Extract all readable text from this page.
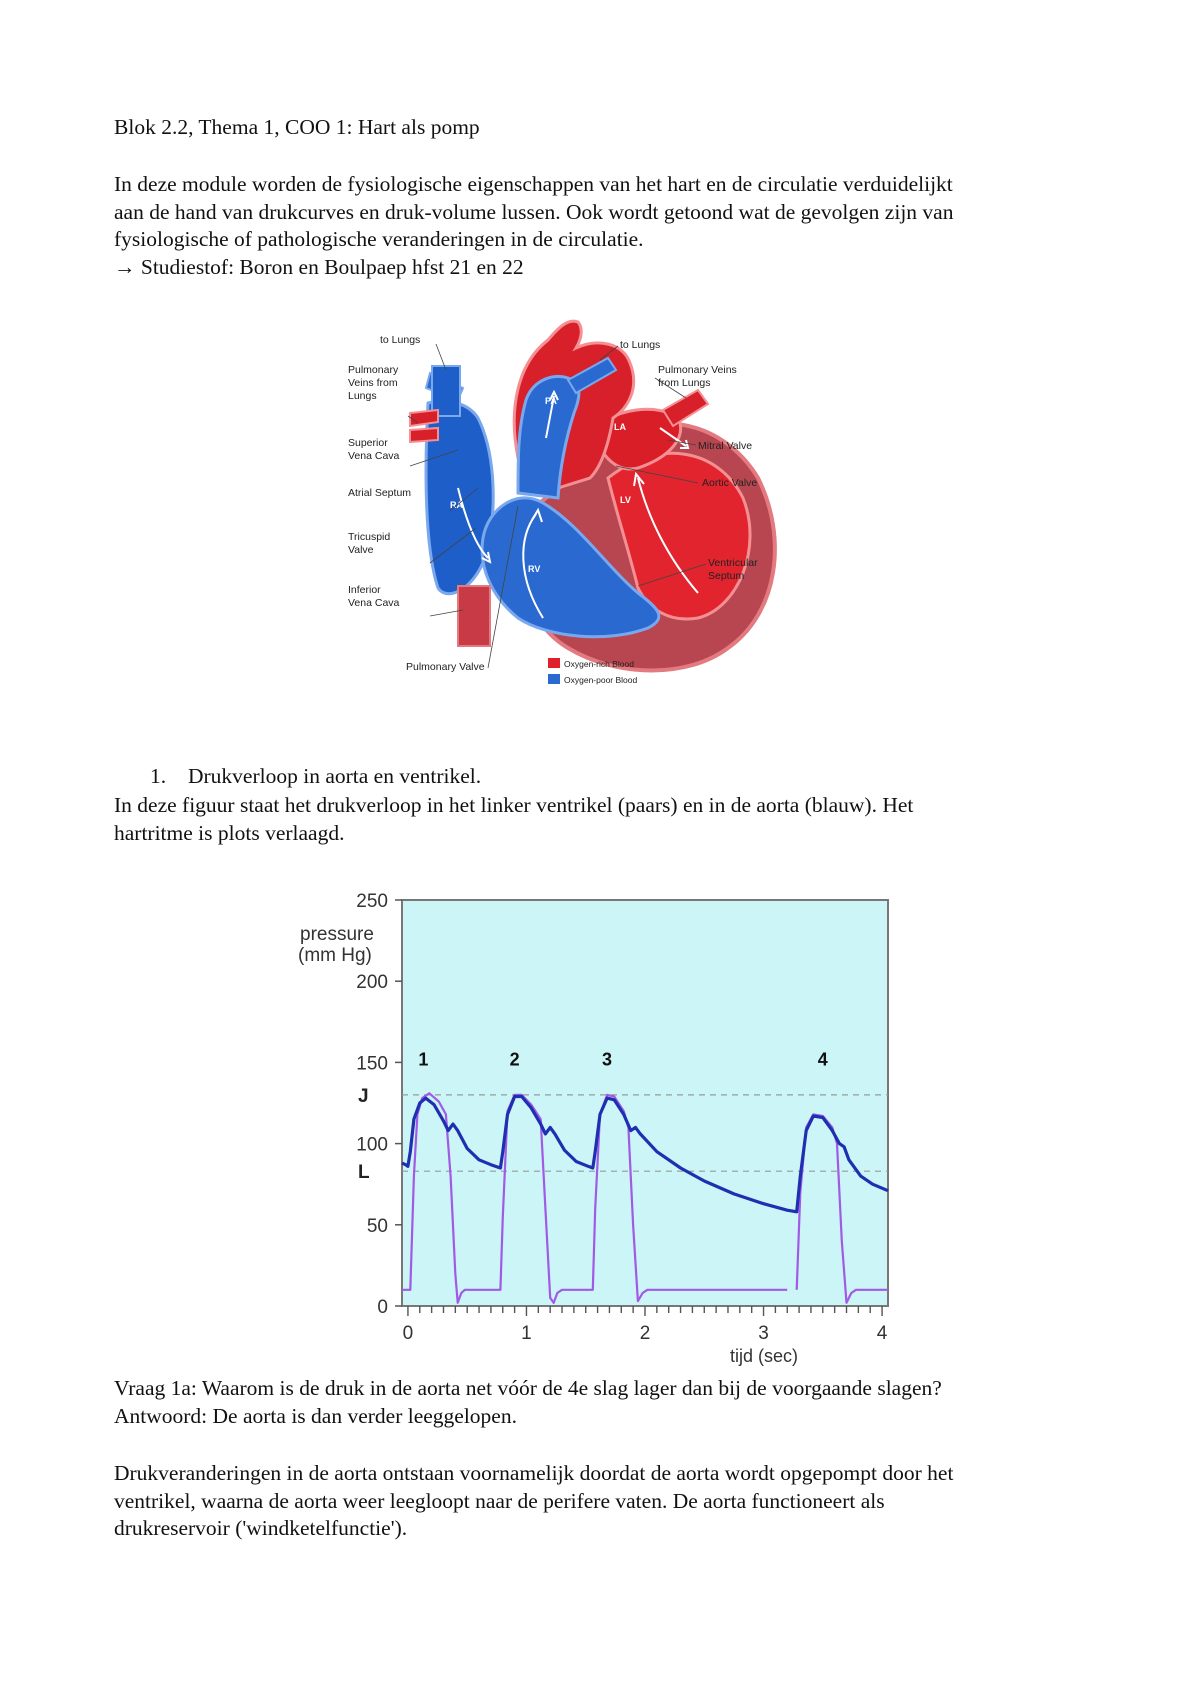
Blok 2.2, Thema 1, COO 1: Hart als pomp

In deze module worden de fysiologische eigenschappen van het hart en de circulatie verduidelijkt
aan de hand van drukcurves en druk-volume lussen. Ook wordt getoond wat de gevolgen zijn van
fysiologische of pathologische veranderingen in de circulatie.
→ Studiestof: Boron en Boulpaep hfst 21 en 22
AO
PA
LA
LV
RA
RV
to Lungs
Pulmonary Veins from Lungs
Superior Vena Cava
Atrial Septum
Tricuspid Valve
Inferior Vena Cava
Pulmonary Valve
to Lungs
Pulmonary Veins from Lungs
Mitral Valve
Aortic Valve
Ventricular Septum
Oxygen-rich Blood
Oxygen-poor Blood
1. Drukverloop in aorta en ventrikel.
In deze figuur staat het drukverloop in het linker ventrikel (paars) en in de aorta (blauw). Het
hartritme is plots verlaagd.
J
L
0
50
100
150
200
250
0	1	2	3	4
tijd (sec)
pressure (mm Hg)
1	2	3	4
Vraag 1a: Waarom is de druk in de aorta net vóór de 4e slag lager dan bij de voorgaande slagen?
Antwoord: De aorta is dan verder leeggelopen.
Drukveranderingen in de aorta ontstaan voornamelijk doordat de aorta wordt opgepompt door het
ventrikel, waarna de aorta weer leegloopt naar de perifere vaten. De aorta functioneert als
drukreservoir ('windketelfunctie').
